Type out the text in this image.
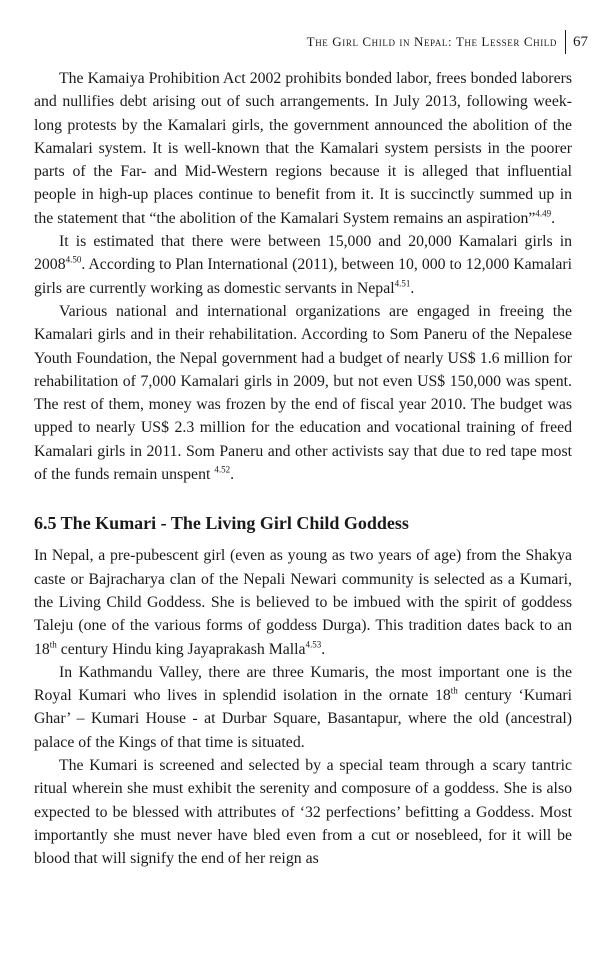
The Girl Child in Nepal: The Lesser Child	67

The Kamaiya Prohibition Act 2002 prohibits bonded labor, frees bonded laborers and nullifies debt arising out of such arrangements. In July 2013, following week-long protests by the Kamalari girls, the government announced the abolition of the Kamalari system. It is well-known that the Kamalari system persists in the poorer parts of the Far- and Mid-Western regions because it is alleged that influential people in high-up places continue to benefit from it. It is succinctly summed up in the statement that “the abolition of the Kamalari System remains an aspiration”$^{4.49}$.

It is estimated that there were between 15,000 and 20,000 Kamalari girls in $2008^{4.50}$. According to Plan International (2011), between 10, 000 to 12,000 Kamalari girls are currently working as domestic servants in Nepal$^{4.51}$.

Various national and international organizations are engaged in freeing the Kamalari girls and in their rehabilitation. According to Som Paneru of the Nepalese Youth Foundation, the Nepal government had a budget of nearly US$ 1.6 million for rehabilitation of 7,000 Kamalari girls in 2009, but not even US$ 150,000 was spent. The rest of them, money was frozen by the end of fiscal year 2010. The budget was upped to nearly US$ 2.3 million for the education and vocational training of freed Kamalari girls in 2011. Som Paneru and other activists say that due to red tape most of the funds remain unspent $^{4.52}$.

6.5 The Kumari - The Living Girl Child Goddess

In Nepal, a pre-pubescent girl (even as young as two years of age) from the Shakya caste or Bajracharya clan of the Nepali Newari community is selected as a Kumari, the Living Child Goddess. She is believed to be imbued with the spirit of goddess Taleju (one of the various forms of goddess Durga). This tradition dates back to an 18th century Hindu king Jayaprakash Malla$^{4.53}$.

In Kathmandu Valley, there are three Kumaris, the most important one is the Royal Kumari who lives in splendid isolation in the ornate 18th century ‘Kumari Ghar’ – Kumari House - at Durbar Square, Basantapur, where the old (ancestral) palace of the Kings of that time is situated.

The Kumari is screened and selected by a special team through a scary tantric ritual wherein she must exhibit the serenity and composure of a goddess. She is also expected to be blessed with attributes of ‘32 perfections’ befitting a Goddess. Most importantly she must never have bled even from a cut or nosebleed, for it will be blood that will signify the end of her reign as
